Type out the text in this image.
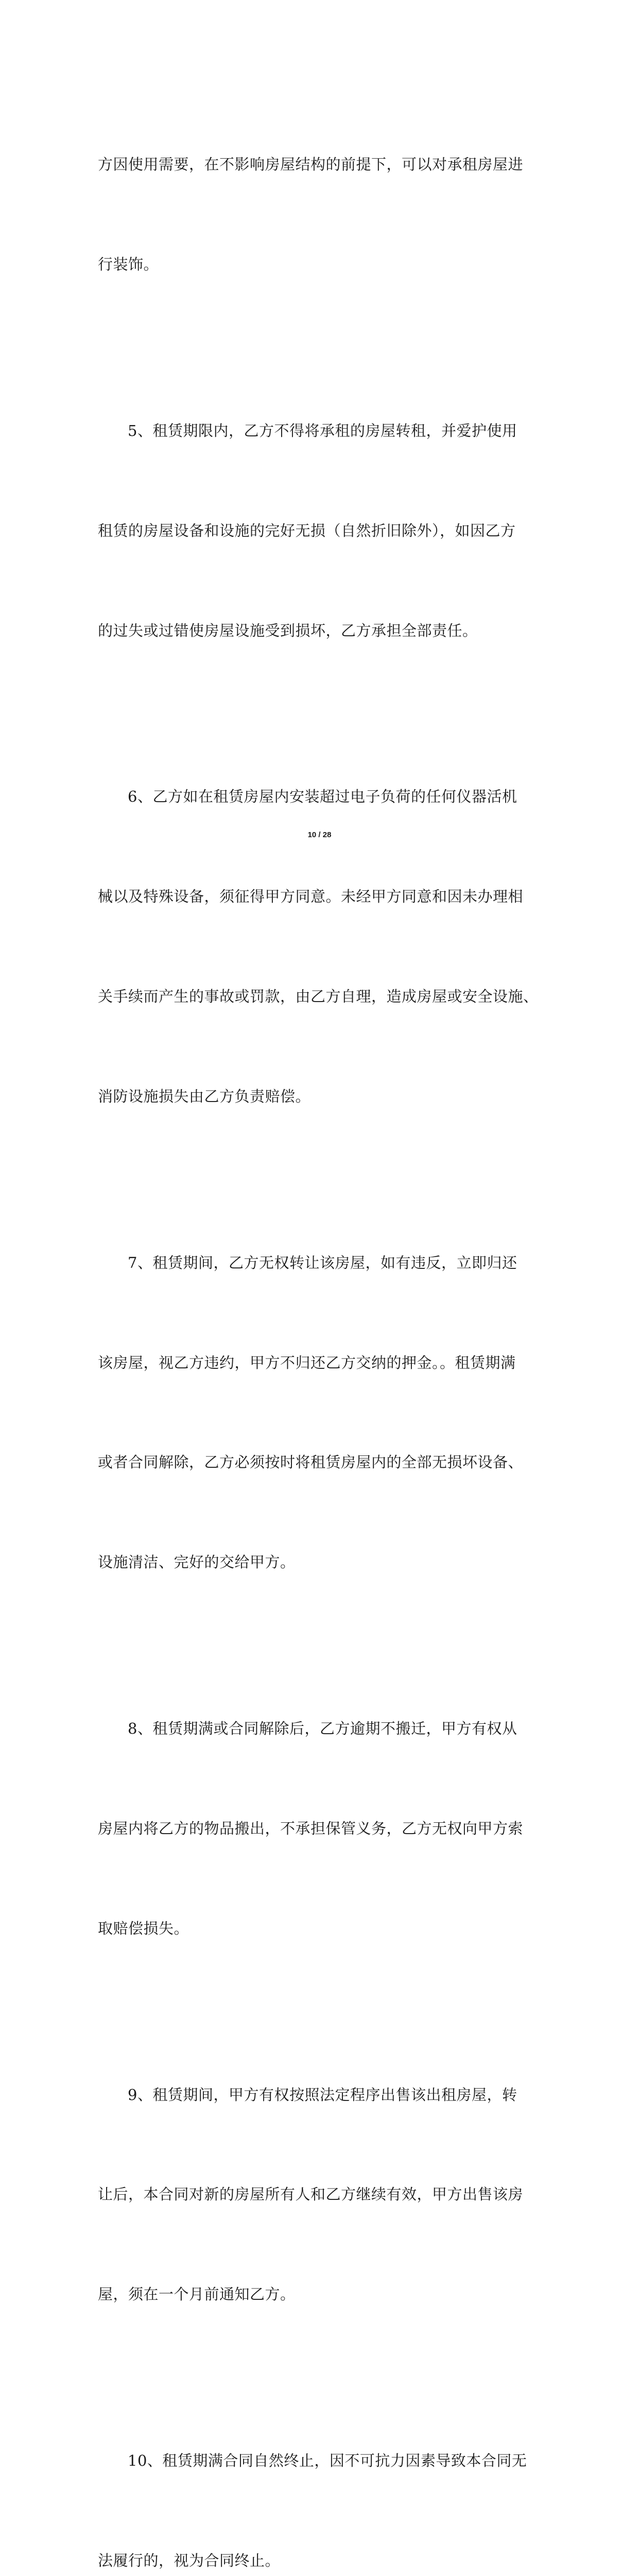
方因使用需要，在不影响房屋结构的前提下，可以对承租房屋进

行装饰。

5、租赁期限内，乙方不得将承租的房屋转租，并爱护使用

租赁的房屋设备和设施的完好无损（自然折旧除外），如因乙方

的过失或过错使房屋设施受到损坏，乙方承担全部责任。

6、乙方如在租赁房屋内安装超过电子负荷的任何仪器活机

械以及特殊设备，须征得甲方同意。未经甲方同意和因未办理相

关手续而产生的事故或罚款，由乙方自理，造成房屋或安全设施、

消防设施损失由乙方负责赔偿。

7、租赁期间，乙方无权转让该房屋，如有违反，立即归还

该房屋，视乙方违约，甲方不归还乙方交纳的押金。。租赁期满

或者合同解除，乙方必须按时将租赁房屋内的全部无损坏设备、

设施清洁、完好的交给甲方。

8、租赁期满或合同解除后，乙方逾期不搬迁，甲方有权从

房屋内将乙方的物品搬出，不承担保管义务，乙方无权向甲方索

取赔偿损失。

9、租赁期间，甲方有权按照法定程序出售该出租房屋，转

让后，本合同对新的房屋所有人和乙方继续有效，甲方出售该房

屋，须在一个月前通知乙方。

10、租赁期满合同自然终止，因不可抗力因素导致本合同无

法履行的，视为合同终止。

10 / 28
